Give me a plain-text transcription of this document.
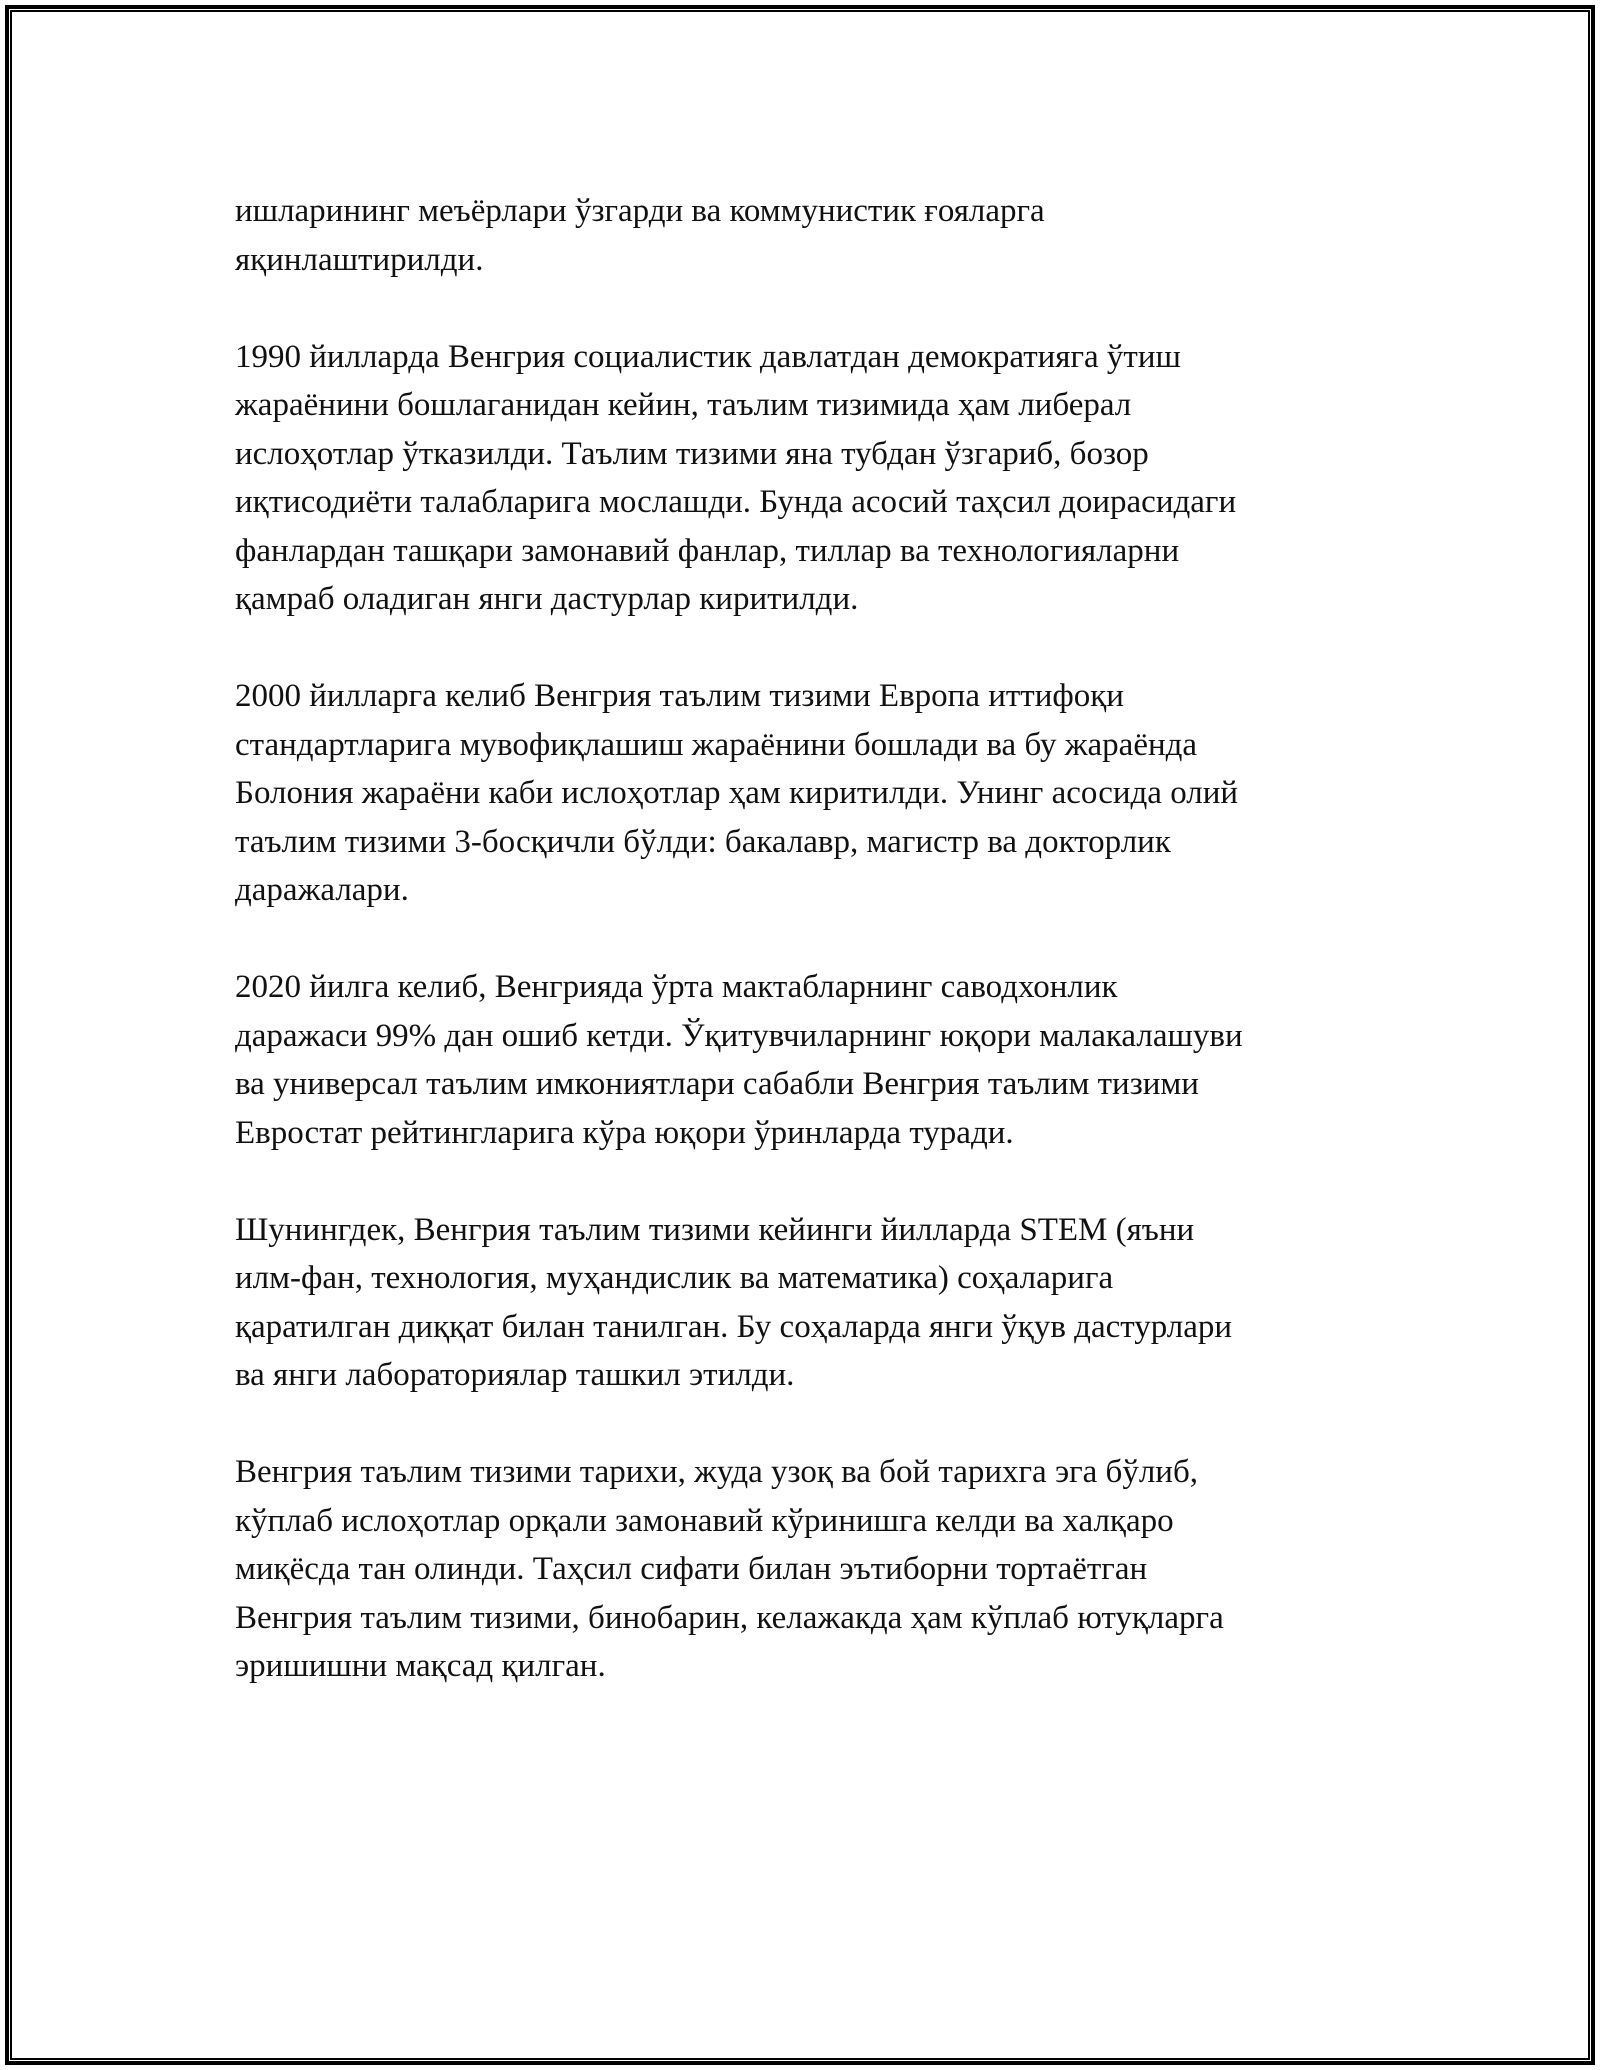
ишларининг меъёрлари ўзгарди ва коммунистик ғояларга
яқинлаштирилди.

1990 йилларда Венгрия социалистик давлатдан демократияга ўтиш
жараёнини бошлаганидан кейин, таълим тизимида ҳам либерал
ислоҳотлар ўтказилди. Таълим тизими яна тубдан ўзгариб, бозор
иқтисодиёти талабларига мослашди. Бунда асосий таҳсил доирасидаги
фанлардан ташқари замонавий фанлар, тиллар ва технологияларни
қамраб оладиган янги дастурлар киритилди.

2000 йилларга келиб Венгрия таълим тизими Европа иттифоқи
стандартларига мувофиқлашиш жараёнини бошлади ва бу жараёнда
Болония жараёни каби ислоҳотлар ҳам киритилди. Унинг асосида олий
таълим тизими 3-босқичли бўлди: бакалавр, магистр ва докторлик
даражалари.

2020 йилга келиб, Венгрияда ўрта мактабларнинг саводхонлик
даражаси 99% дан ошиб кетди. Ўқитувчиларнинг юқори малакалашуви
ва универсал таълим имкониятлари сабабли Венгрия таълим тизими
Евростат рейтингларига кўра юқори ўринларда туради.

Шунингдек, Венгрия таълим тизими кейинги йилларда STEM (яъни
илм-фан, технология, муҳандислик ва математика) соҳаларига
қаратилган диққат билан танилган. Бу соҳаларда янги ўқув дастурлари
ва янги лабораториялар ташкил этилди.

Венгрия таълим тизими тарихи, жуда узоқ ва бой тарихга эга бўлиб,
кўплаб ислоҳотлар орқали замонавий кўринишга келди ва халқаро
миқёсда тан олинди. Таҳсил сифати билан эътиборни тортаётган
Венгрия таълим тизими, бинобарин, келажакда ҳам кўплаб ютуқларга
эришишни мақсад қилган.
